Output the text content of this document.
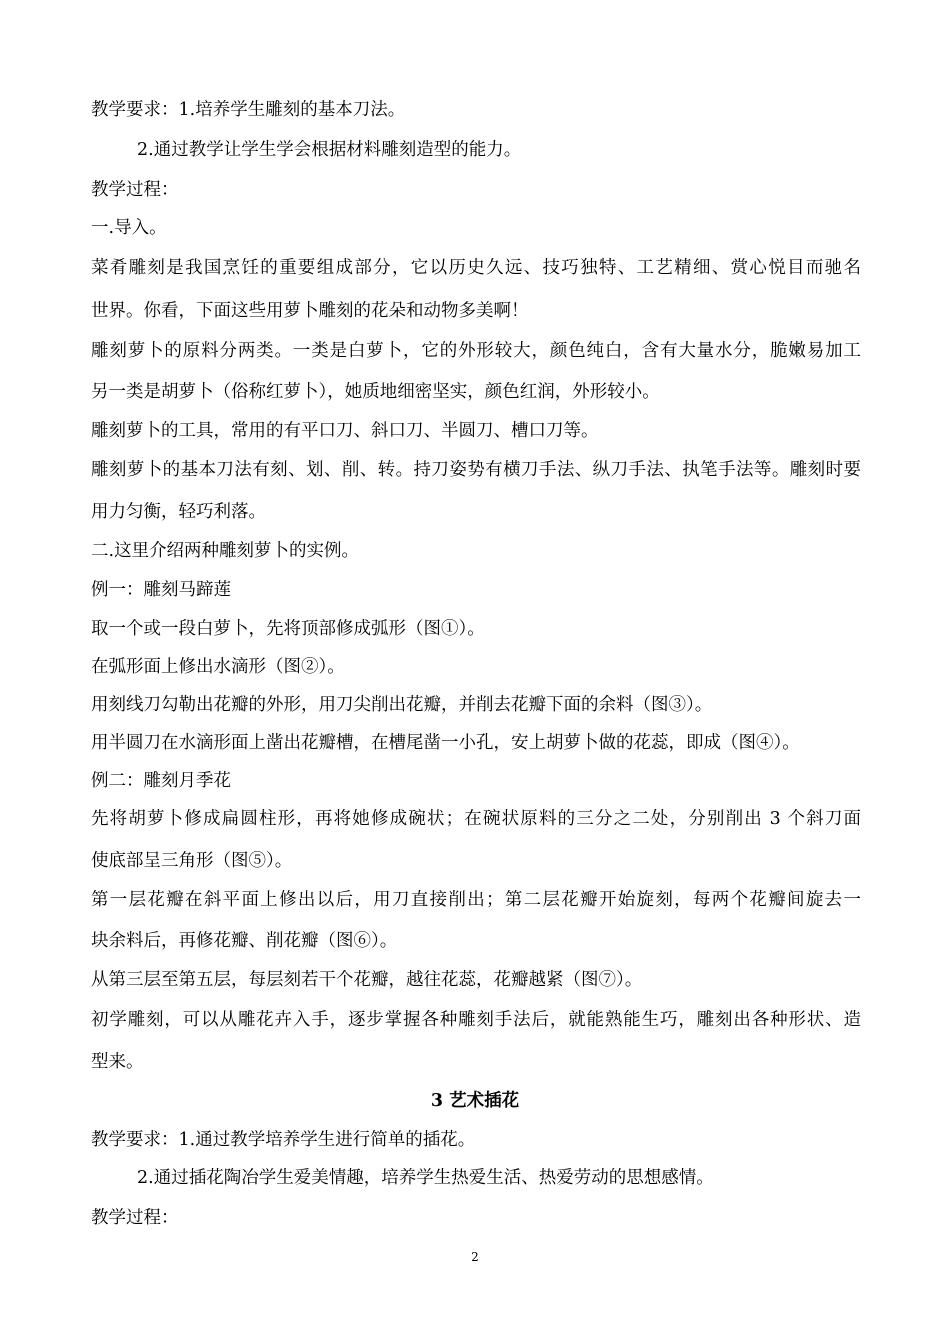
教学要求：1.培养学生雕刻的基本刀法。
2.通过教学让学生学会根据材料雕刻造型的能力。
教学过程：
一.导入。
菜肴雕刻是我国烹饪的重要组成部分，它以历史久远、技巧独特、工艺精细、赏心悦目而驰名
世界。你看，下面这些用萝卜雕刻的花朵和动物多美啊！
雕刻萝卜的原料分两类。一类是白萝卜，它的外形较大，颜色纯白，含有大量水分，脆嫩易加工
另一类是胡萝卜（俗称红萝卜），她质地细密坚实，颜色红润，外形较小。
雕刻萝卜的工具，常用的有平口刀、斜口刀、半圆刀、槽口刀等。
雕刻萝卜的基本刀法有刻、划、削、转。持刀姿势有横刀手法、纵刀手法、执笔手法等。雕刻时要
用力匀衡，轻巧利落。
二.这里介绍两种雕刻萝卜的实例。
例一：雕刻马蹄莲
取一个或一段白萝卜，先将顶部修成弧形（图①）。
在弧形面上修出水滴形（图②）。
用刻线刀勾勒出花瓣的外形，用刀尖削出花瓣，并削去花瓣下面的余料（图③）。
用半圆刀在水滴形面上凿出花瓣槽，在槽尾凿一小孔，安上胡萝卜做的花蕊，即成（图④）。
例二：雕刻月季花
先将胡萝卜修成扁圆柱形，再将她修成碗状；在碗状原料的三分之二处，分别削出 3 个斜刀面
使底部呈三角形（图⑤）。
第一层花瓣在斜平面上修出以后，用刀直接削出；第二层花瓣开始旋刻，每两个花瓣间旋去一
块余料后，再修花瓣、削花瓣（图⑥）。
从第三层至第五层，每层刻若干个花瓣，越往花蕊，花瓣越紧（图⑦）。
初学雕刻，可以从雕花卉入手，逐步掌握各种雕刻手法后，就能熟能生巧，雕刻出各种形状、造
型来。
3 艺术插花
教学要求：1.通过教学培养学生进行简单的插花。
2.通过插花陶冶学生爱美情趣，培养学生热爱生活、热爱劳动的思想感情。
教学过程：
2
